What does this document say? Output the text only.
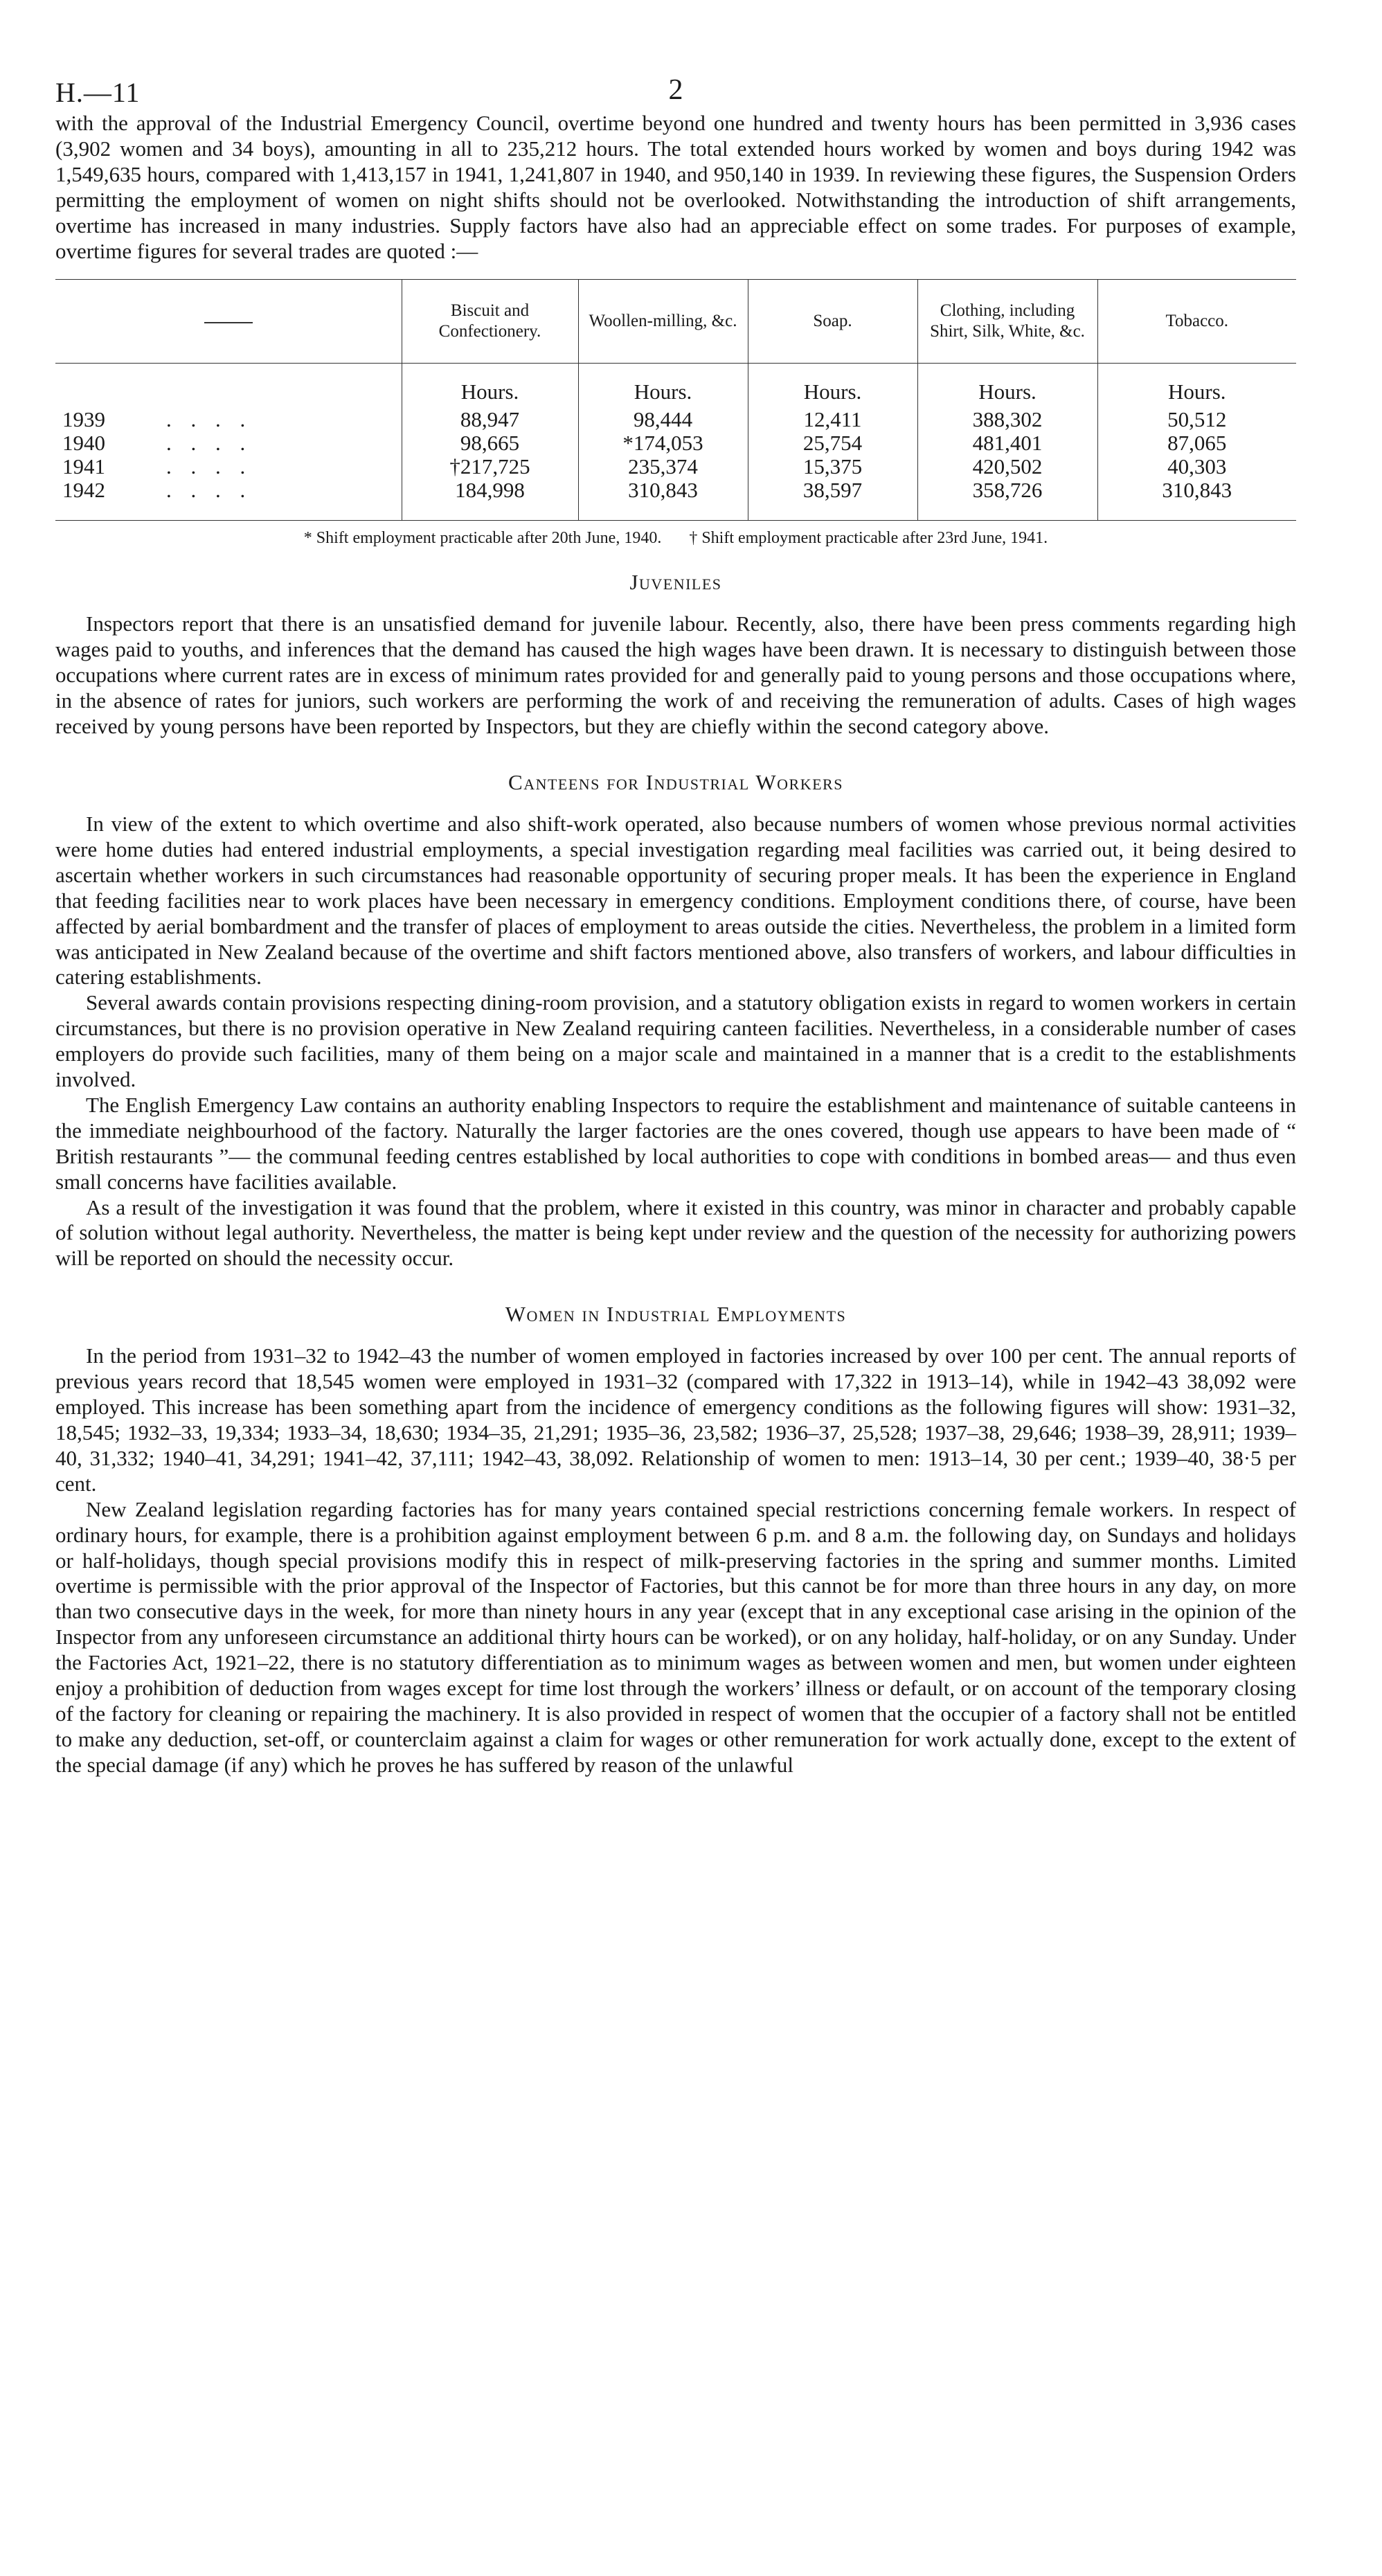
H.—11	2

with the approval of the Industrial Emergency Council, overtime beyond one hundred and twenty hours has been permitted in 3,936 cases (3,902 women and 34 boys), amounting in all to 235,212 hours. The total extended hours worked by women and boys during 1942 was 1,549,635 hours, compared with 1,413,157 in 1941, 1,241,807 in 1940, and 950,140 in 1939. In reviewing these figures, the Suspension Orders permitting the employment of women on night shifts should not be overlooked. Notwithstanding the introduction of shift arrangements, overtime has increased in many industries. Supply factors have also had an appreciable effect on some trades. For purposes of example, overtime figures for several trades are quoted :—

	Biscuit and Confectionery.	Woollen-milling, &c.	Soap.	Clothing, including Shirt, Silk, White, &c.	Tobacco.
	Hours.	Hours.	Hours.	Hours.	Hours.
1939 . . . .	88,947	98,444	12,411	388,302	50,512
1940 . . . .	98,665	*174,053	25,754	481,401	87,065
1941 . . . .	†217,725	235,374	15,375	420,502	40,303
1942 . . . .	184,998	310,843	38,597	358,726	310,843
* Shift employment practicable after 20th June, 1940. † Shift employment practicable after 23rd June, 1941.
Juveniles

Inspectors report that there is an unsatisfied demand for juvenile labour. Recently, also, there have been press comments regarding high wages paid to youths, and inferences that the demand has caused the high wages have been drawn. It is necessary to distinguish between those occupations where current rates are in excess of minimum rates provided for and generally paid to young persons and those occupations where, in the absence of rates for juniors, such workers are performing the work of and receiving the remuneration of adults. Cases of high wages received by young persons have been reported by Inspectors, but they are chiefly within the second category above.

Canteens for Industrial Workers

In view of the extent to which overtime and also shift-work operated, also because numbers of women whose previous normal activities were home duties had entered industrial employments, a special investigation regarding meal facilities was carried out, it being desired to ascertain whether workers in such circumstances had reasonable opportunity of securing proper meals. It has been the experience in England that feeding facilities near to work places have been necessary in emergency conditions. Employment conditions there, of course, have been affected by aerial bombardment and the transfer of places of employment to areas outside the cities. Nevertheless, the problem in a limited form was anticipated in New Zealand because of the overtime and shift factors mentioned above, also transfers of workers, and labour difficulties in catering establishments.

Several awards contain provisions respecting dining-room provision, and a statutory obligation exists in regard to women workers in certain circumstances, but there is no provision operative in New Zealand requiring canteen facilities. Nevertheless, in a considerable number of cases employers do provide such facilities, many of them being on a major scale and maintained in a manner that is a credit to the establishments involved.

The English Emergency Law contains an authority enabling Inspectors to require the establishment and maintenance of suitable canteens in the immediate neighbourhood of the factory. Naturally the larger factories are the ones covered, though use appears to have been made of “ British restaurants ”— the communal feeding centres established by local authorities to cope with conditions in bombed areas— and thus even small concerns have facilities available.

As a result of the investigation it was found that the problem, where it existed in this country, was minor in character and probably capable of solution without legal authority. Nevertheless, the matter is being kept under review and the question of the necessity for authorizing powers will be reported on should the necessity occur.

Women in Industrial Employments

In the period from 1931–32 to 1942–43 the number of women employed in factories increased by over 100 per cent. The annual reports of previous years record that 18,545 women were employed in 1931–32 (compared with 17,322 in 1913–14), while in 1942–43 38,092 were employed. This increase has been something apart from the incidence of emergency conditions as the following figures will show: 1931–32, 18,545; 1932–33, 19,334; 1933–34, 18,630; 1934–35, 21,291; 1935–36, 23,582; 1936–37, 25,528; 1937–38, 29,646; 1938–39, 28,911; 1939–40, 31,332; 1940–41, 34,291; 1941–42, 37,111; 1942–43, 38,092. Relationship of women to men: 1913–14, 30 per cent.; 1939–40, 38·5 per cent.

New Zealand legislation regarding factories has for many years contained special restrictions concerning female workers. In respect of ordinary hours, for example, there is a prohibition against employment between 6 p.m. and 8 a.m. the following day, on Sundays and holidays or half-holidays, though special provisions modify this in respect of milk-preserving factories in the spring and summer months. Limited overtime is permissible with the prior approval of the Inspector of Factories, but this cannot be for more than three hours in any day, on more than two consecutive days in the week, for more than ninety hours in any year (except that in any exceptional case arising in the opinion of the Inspector from any unforeseen circumstance an additional thirty hours can be worked), or on any holiday, half-holiday, or on any Sunday. Under the Factories Act, 1921–22, there is no statutory differentiation as to minimum wages as between women and men, but women under eighteen enjoy a prohibition of deduction from wages except for time lost through the workers’ illness or default, or on account of the temporary closing of the factory for cleaning or repairing the machinery. It is also provided in respect of women that the occupier of a factory shall not be entitled to make any deduction, set-off, or counterclaim against a claim for wages or other remuneration for work actually done, except to the extent of the special damage (if any) which he proves he has suffered by reason of the unlawful
